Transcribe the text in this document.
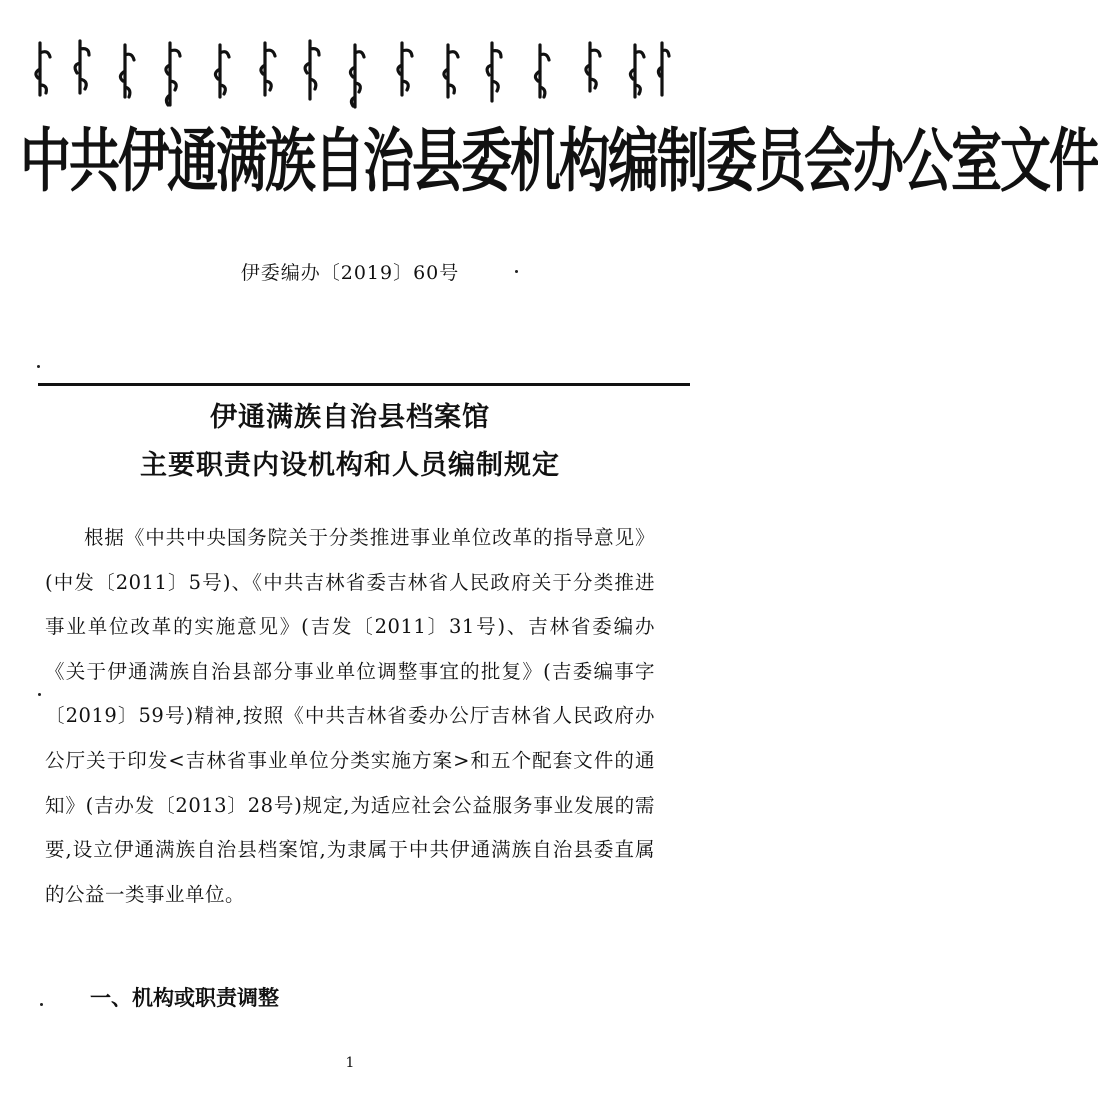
中共伊通满族自治县委机构编制委员会办公室文件
伊委编办〔2019〕60号
伊通满族自治县档案馆
主要职责内设机构和人员编制规定

根据《中共中央国务院关于分类推进事业单位改革的指导意见》(中发〔2011〕5号)、《中共吉林省委吉林省人民政府关于分类推进事业单位改革的实施意见》(吉发〔2011〕31号)、吉林省委编办《关于伊通满族自治县部分事业单位调整事宜的批复》(吉委编事字〔2019〕59号)精神,按照《中共吉林省委办公厅吉林省人民政府办公厅关于印发<吉林省事业单位分类实施方案>和五个配套文件的通知》(吉办发〔2013〕28号)规定,为适应社会公益服务事业发展的需要,设立伊通满族自治县档案馆,为隶属于中共伊通满族自治县委直属的公益一类事业单位。

一、机构或职责调整
1
